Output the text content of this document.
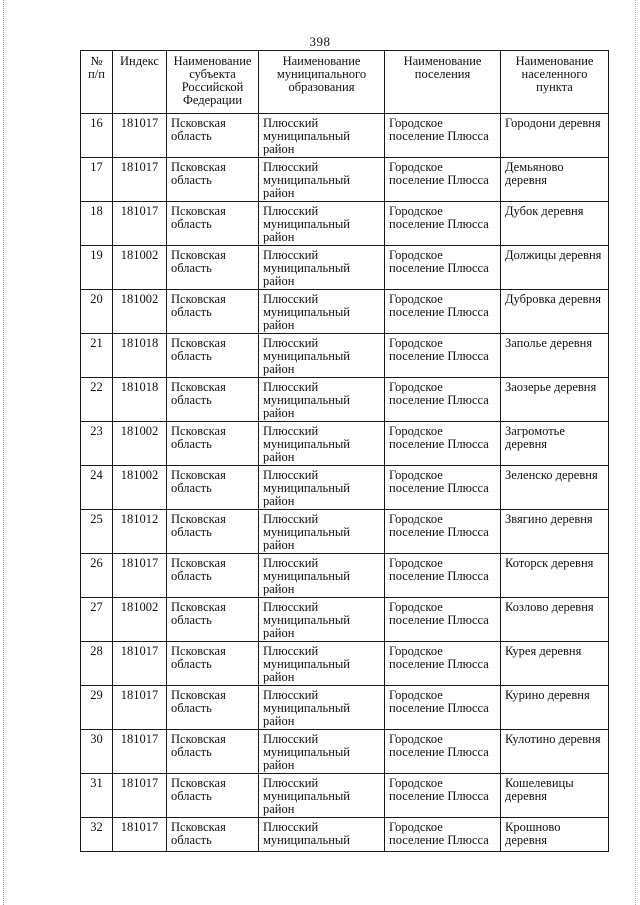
398
№
п/п	Индекс	Наименование
субъекта
Российской
Федерации	Наименование
муниципального
образования	Наименование
поселения	Наименование
населенного
пункта
16	181017	Псковская
область	Плюсский
муниципальный
район	Городское
поселение Плюсса	Городони деревня
17	181017	Псковская
область	Плюсский
муниципальный
район	Городское
поселение Плюсса	Демьяново
деревня
18	181017	Псковская
область	Плюсский
муниципальный
район	Городское
поселение Плюсса	Дубок деревня
19	181002	Псковская
область	Плюсский
муниципальный
район	Городское
поселение Плюсса	Должицы деревня
20	181002	Псковская
область	Плюсский
муниципальный
район	Городское
поселение Плюсса	Дубровка деревня
21	181018	Псковская
область	Плюсский
муниципальный
район	Городское
поселение Плюсса	Заполье деревня
22	181018	Псковская
область	Плюсский
муниципальный
район	Городское
поселение Плюсса	Заозерье деревня
23	181002	Псковская
область	Плюсский
муниципальный
район	Городское
поселение Плюсса	Загромотье
деревня
24	181002	Псковская
область	Плюсский
муниципальный
район	Городское
поселение Плюсса	Зеленско деревня
25	181012	Псковская
область	Плюсский
муниципальный
район	Городское
поселение Плюсса	Звягино деревня
26	181017	Псковская
область	Плюсский
муниципальный
район	Городское
поселение Плюсса	Которск деревня
27	181002	Псковская
область	Плюсский
муниципальный
район	Городское
поселение Плюсса	Козлово деревня
28	181017	Псковская
область	Плюсский
муниципальный
район	Городское
поселение Плюсса	Курея деревня
29	181017	Псковская
область	Плюсский
муниципальный
район	Городское
поселение Плюсса	Курино деревня
30	181017	Псковская
область	Плюсский
муниципальный
район	Городское
поселение Плюсса	Кулотино деревня
31	181017	Псковская
область	Плюсский
муниципальный
район	Городское
поселение Плюсса	Кошелевицы
деревня
32	181017	Псковская
область	Плюсский
муниципальный	Городское
поселение Плюсса	Крошново
деревня
